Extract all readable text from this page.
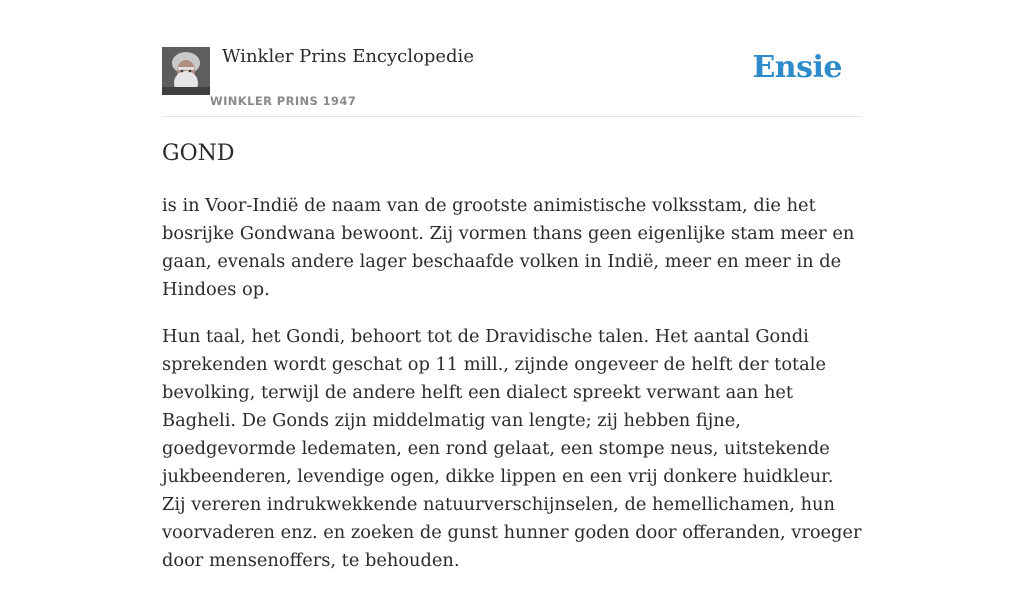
Winkler Prins Encyclopedie
WINKLER PRINS 1947
Ensie
GOND

is in Voor-Indië de naam van de grootste animistische volksstam, die het bosrijke Gondwana bewoont. Zij vormen thans geen eigenlijke stam meer en gaan, evenals andere lager beschaafde volken in Indië, meer en meer in de Hindoes op.

Hun taal, het Gondi, behoort tot de Dravidische talen. Het aantal Gondi sprekenden wordt geschat op 11 mill., zijnde ongeveer de helft der totale bevolking, terwijl de andere helft een dialect spreekt verwant aan het Bagheli. De Gonds zijn middelmatig van lengte; zij hebben fijne, goedgevormde ledematen, een rond gelaat, een stompe neus, uitstekende jukbeenderen, levendige ogen, dikke lippen en een vrij donkere huidkleur. Zij vereren indrukwekkende natuurverschijnselen, de hemellichamen, hun voorvaderen enz. en zoeken de gunst hunner goden door offeranden, vroeger door mensenoffers, te behouden.
